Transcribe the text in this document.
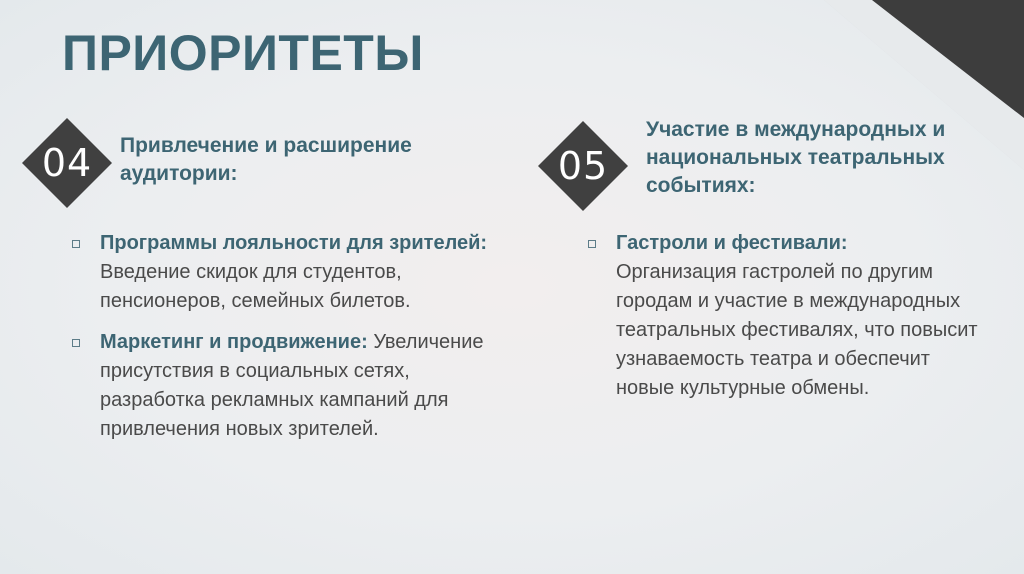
ПРИОРИТЕТЫ
04	Привлечение и расширение аудитории:
Программы лояльности для зрителей: Введение скидок для студентов, пенсионеров, семейных билетов.
Маркетинг и продвижение: Увеличение присутствия в социальных сетях, разработка рекламных кампаний для привлечения новых зрителей.
05
Участие в международных и национальных театральных событиях:
Гастроли и фестивали:
Организация гастролей по другим городам и участие в международных театральных фестивалях, что повысит узнаваемость театра и обеспечит новые культурные обмены.
